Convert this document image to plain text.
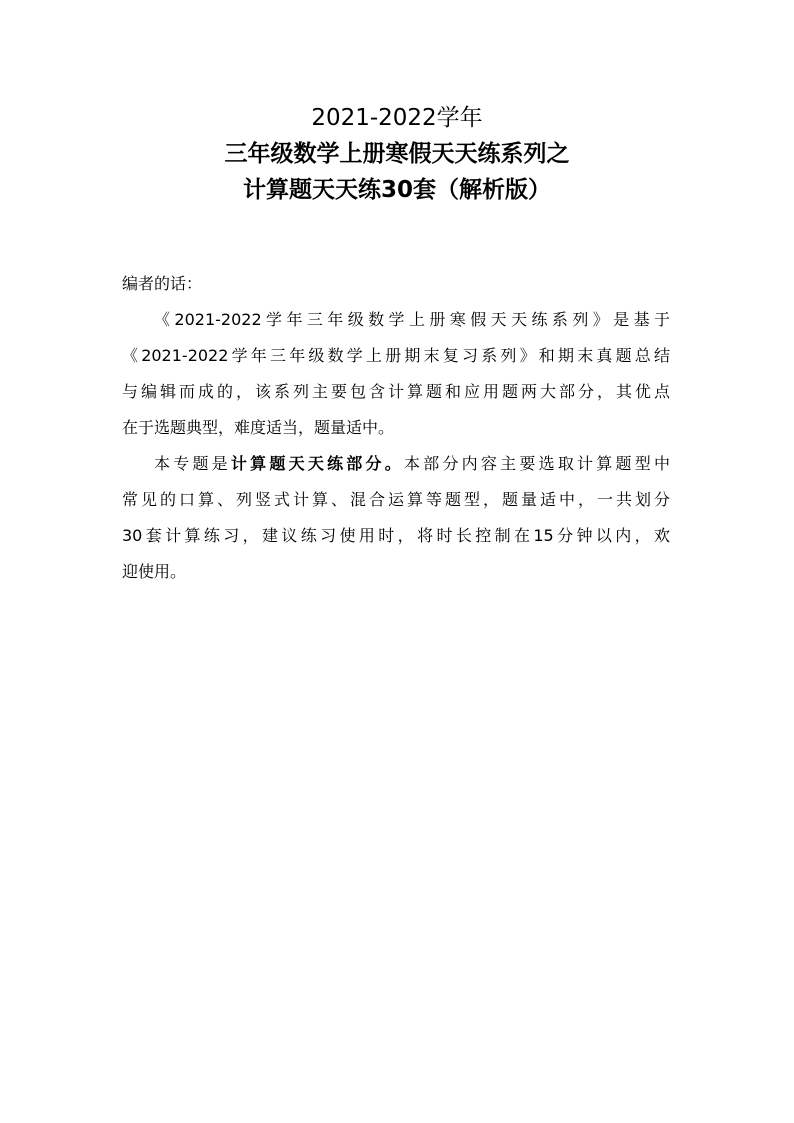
2021-2022学年
三年级数学上册寒假天天练系列之
计算题天天练30套（解析版）
编者的话：
《2021-2022学年三年级数学上册寒假天天练系列》是基于
《2021-2022学年三年级数学上册期末复习系列》和期末真题总结
与编辑而成的，该系列主要包含计算题和应用题两大部分，其优点
在于选题典型，难度适当，题量适中。
本专题是计算题天天练部分。本部分内容主要选取计算题型中
常见的口算、列竖式计算、混合运算等题型，题量适中，一共划分
30套计算练习，建议练习使用时，将时长控制在15分钟以内，欢
迎使用。
